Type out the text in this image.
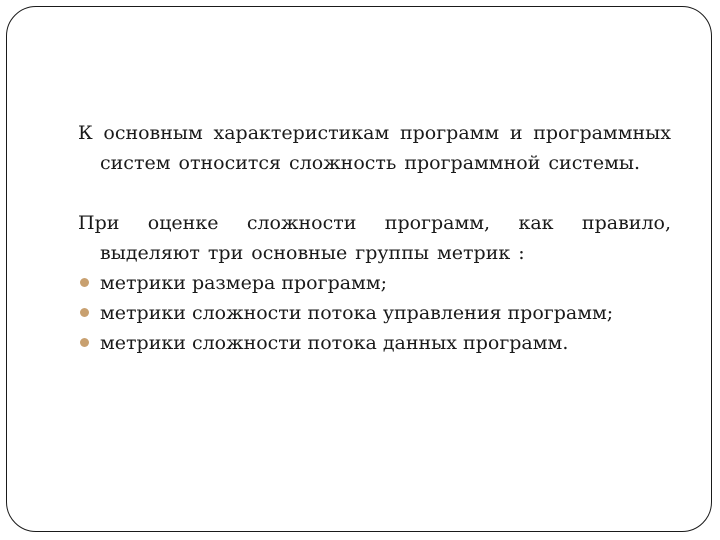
К основным характеристикам программ и программных систем относится сложность программной системы.

При оценке сложности программ, как правило, выделяют три основные группы метрик :

метрики размера программ;
метрики сложности потока управления программ;
метрики сложности потока данных программ.
